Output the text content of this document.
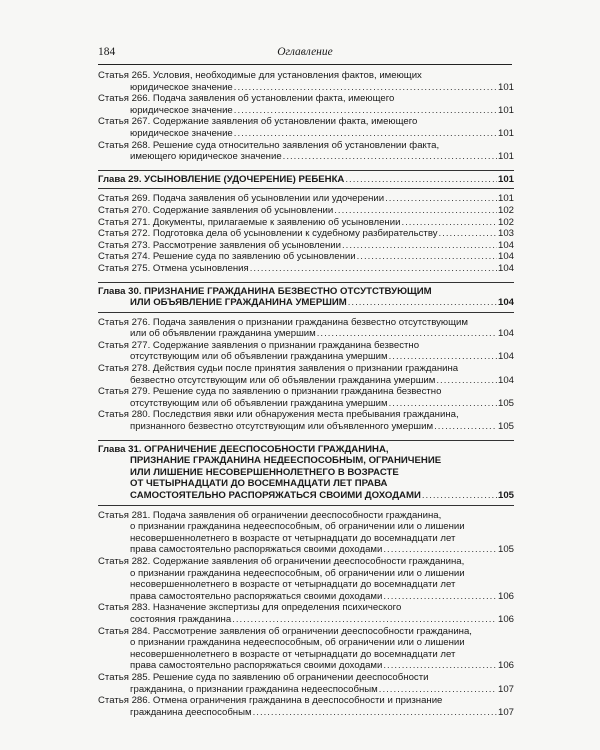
184	Оглавление
Статья 265. Условия, необходимые для установления фактов, имеющих
юридическое значение .....	101
Статья 266. Подача заявления об установлении факта, имеющего
юридическое значение .....	101
Статья 267. Содержание заявления об установлении факта, имеющего
юридическое значение .....	101
Статья 268. Решение суда относительно заявления об установлении факта,
имеющего юридическое значение .....	101
Глава 29. УСЫНОВЛЕНИЕ (УДОЧЕРЕНИЕ) РЕБЕНКА .....	101
Статья 269. Подача заявления об усыновлении или удочерении .....	101
Статья 270. Содержание заявления об усыновлении .....	102
Статья 271. Документы, прилагаемые к заявлению об усыновлении .....	102
Статья 272. Подготовка дела об усыновлении к судебному разбирательству .....	103
Статья 273. Рассмотрение заявления об усыновлении .....	104
Статья 274. Решение суда по заявлению об усыновлении .....	104
Статья 275. Отмена усыновления .....	104
Глава 30. ПРИЗНАНИЕ ГРАЖДАНИНА БЕЗВЕСТНО ОТСУТСТВУЮЩИМ
ИЛИ ОБЪЯВЛЕНИЕ ГРАЖДАНИНА УМЕРШИМ .....	104
Статья 276. Подача заявления о признании гражданина безвестно отсутствующим
или об объявлении гражданина умершим .....	104
Статья 277. Содержание заявления о признании гражданина безвестно
отсутствующим или об объявлении гражданина умершим .....	104
Статья 278. Действия судьи после принятия заявления о признании гражданина
безвестно отсутствующим или об объявлении гражданина умершим .....	104
Статья 279. Решение суда по заявлению о признании гражданина безвестно
отсутствующим или об объявлении гражданина умершим .....	105
Статья 280. Последствия явки или обнаружения места пребывания гражданина,
признанного безвестно отсутствующим или объявленного умершим .....	105
Глава 31. ОГРАНИЧЕНИЕ ДЕЕСПОСОБНОСТИ ГРАЖДАНИНА,
ПРИЗНАНИЕ ГРАЖДАНИНА НЕДЕЕСПОСОБНЫМ, ОГРАНИЧЕНИЕ
ИЛИ ЛИШЕНИЕ НЕСОВЕРШЕННОЛЕТНЕГО В ВОЗРАСТЕ
ОТ ЧЕТЫРНАДЦАТИ ДО ВОСЕМНАДЦАТИ ЛЕТ ПРАВА
САМОСТОЯТЕЛЬНО РАСПОРЯЖАТЬСЯ СВОИМИ ДОХОДАМИ .....	105
Статья 281. Подача заявления об ограничении дееспособности гражданина,
о признании гражданина недееспособным, об ограничении или о лишении
несовершеннолетнего в возрасте от четырнадцати до восемнадцати лет
права самостоятельно распоряжаться своими доходами .....	105
Статья 282. Содержание заявления об ограничении дееспособности гражданина,
о признании гражданина недееспособным, об ограничении или о лишении
несовершеннолетнего в возрасте от четырнадцати до восемнадцати лет
права самостоятельно распоряжаться своими доходами .....	106
Статья 283. Назначение экспертизы для определения психического
состояния гражданина .....	106
Статья 284. Рассмотрение заявления об ограничении дееспособности гражданина,
о признании гражданина недееспособным, об ограничении или о лишении
несовершеннолетнего в возрасте от четырнадцати до восемнадцати лет
права самостоятельно распоряжаться своими доходами .....	106
Статья 285. Решение суда по заявлению об ограничении дееспособности
гражданина, о признании гражданина недееспособным .....	107
Статья 286. Отмена ограничения гражданина в дееспособности и признание
гражданина дееспособным .....	107
